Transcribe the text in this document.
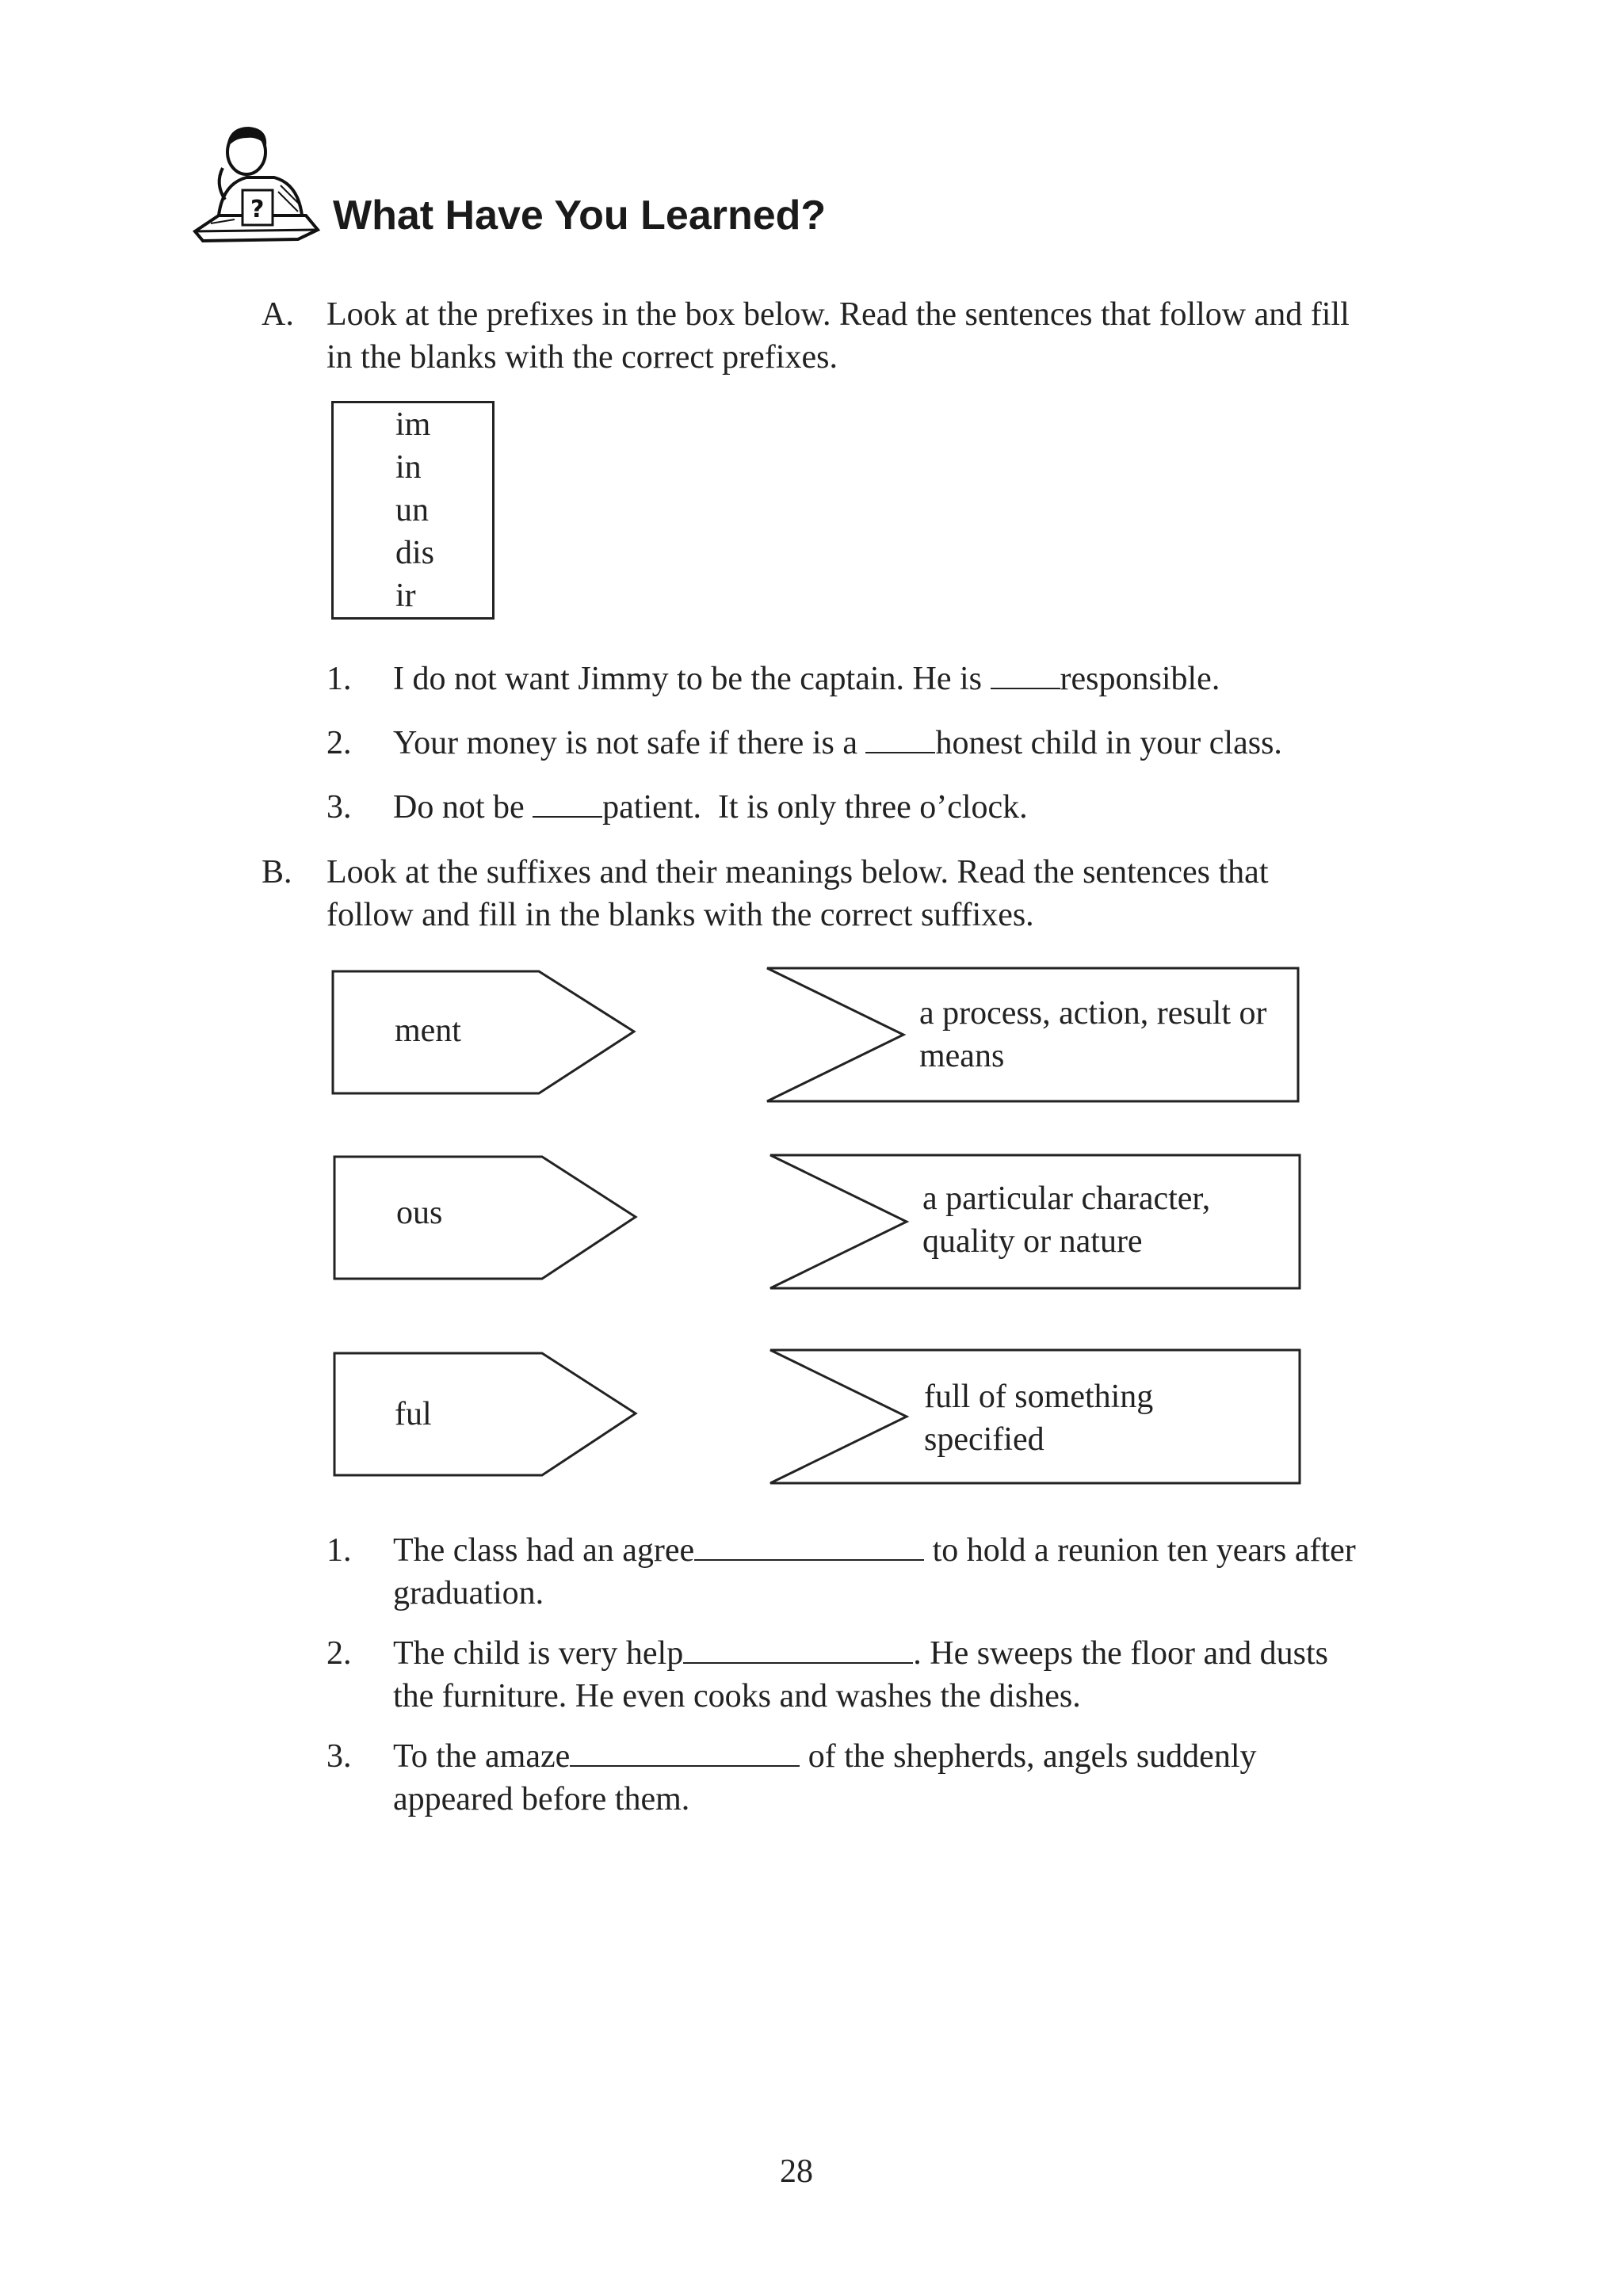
? What Have You Learned?
A. Look at the prefixes in the box below. Read the sentences that follow and fill
in the blanks with the correct prefixes.
im
in
un
dis
ir
1. I do not want Jimmy to be the captain. He is responsible.
2. Your money is not safe if there is a honest child in your class.
3. Do not be patient.  It is only three o’clock.
B. Look at the suffixes and their meanings below. Read the sentences that
follow and fill in the blanks with the correct suffixes.
ment	a process, action, result or
means
ous	a particular character,
quality or nature
ful	full of something
specified
1. The class had an agree	to hold a reunion ten years after
graduation.
2. The child is very help	. He sweeps the floor and dusts
the furniture. He even cooks and washes the dishes.
3. To the amaze	of the shepherds, angels suddenly
appeared before them.
28
